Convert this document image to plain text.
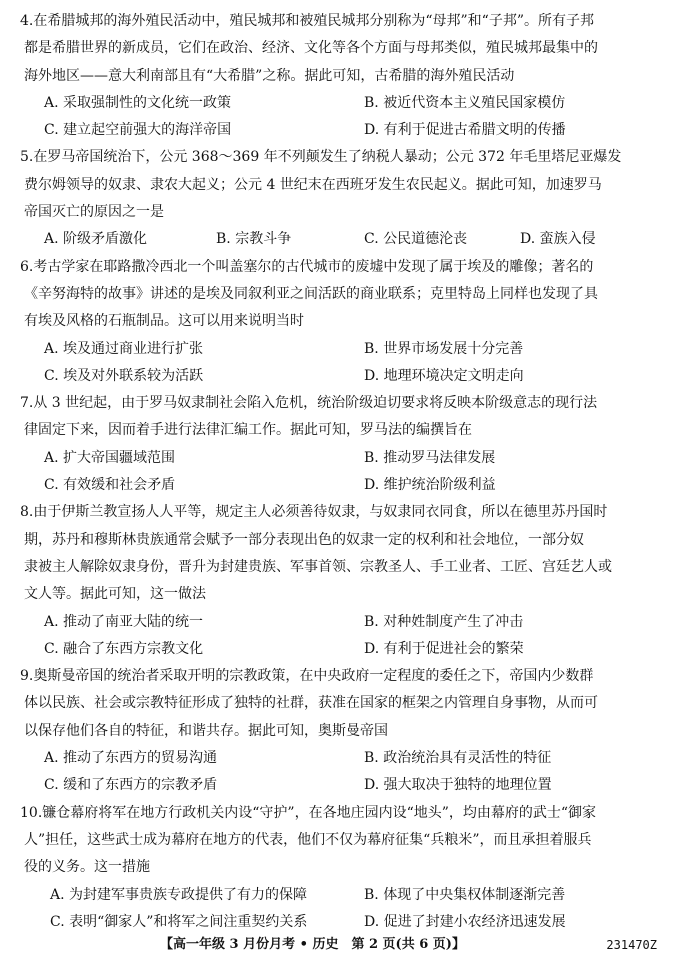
4.在希腊城邦的海外殖民活动中，殖民城邦和被殖民城邦分别称为“母邦”和“子邦”。所有子邦
都是希腊世界的新成员，它们在政治、经济、文化等各个方面与母邦类似，殖民城邦最集中的
海外地区——意大利南部且有“大希腊”之称。据此可知，古希腊的海外殖民活动
A. 采取强制性的文化统一政策	B. 被近代资本主义殖民国家模仿
C. 建立起空前强大的海洋帝国	D. 有利于促进古希腊文明的传播
5.在罗马帝国统治下，公元 368～369 年不列颠发生了纳税人暴动；公元 372 年毛里塔尼亚爆发
费尔姆领导的奴隶、隶农大起义；公元 4 世纪末在西班牙发生农民起义。据此可知，加速罗马
帝国灭亡的原因之一是
A. 阶级矛盾激化	B. 宗教斗争	C. 公民道德沦丧	D. 蛮族入侵
6.考古学家在耶路撒冷西北一个叫盖塞尔的古代城市的废墟中发现了属于埃及的雕像；著名的
《辛努海特的故事》讲述的是埃及同叙利亚之间活跃的商业联系；克里特岛上同样也发现了具
有埃及风格的石瓶制品。这可以用来说明当时
A. 埃及通过商业进行扩张	B. 世界市场发展十分完善
C. 埃及对外联系较为活跃	D. 地理环境决定文明走向
7.从 3 世纪起，由于罗马奴隶制社会陷入危机，统治阶级迫切要求将反映本阶级意志的现行法
律固定下来，因而着手进行法律汇编工作。据此可知，罗马法的编撰旨在
A. 扩大帝国疆域范围	B. 推动罗马法律发展
C. 有效缓和社会矛盾	D. 维护统治阶级利益
8.由于伊斯兰教宣扬人人平等，规定主人必须善待奴隶，与奴隶同衣同食，所以在德里苏丹国时
期，苏丹和穆斯林贵族通常会赋予一部分表现出色的奴隶一定的权利和社会地位，一部分奴
隶被主人解除奴隶身份，晋升为封建贵族、军事首领、宗教圣人、手工业者、工匠、宫廷艺人或
文人等。据此可知，这一做法
A. 推动了南亚大陆的统一	B. 对种姓制度产生了冲击
C. 融合了东西方宗教文化	D. 有利于促进社会的繁荣
9.奥斯曼帝国的统治者采取开明的宗教政策，在中央政府一定程度的委任之下，帝国内少数群
体以民族、社会或宗教特征形成了独特的社群，获准在国家的框架之内管理自身事物，从而可
以保存他们各自的特征，和谐共存。据此可知，奥斯曼帝国
A. 推动了东西方的贸易沟通	B. 政治统治具有灵活性的特征
C. 缓和了东西方的宗教矛盾	D. 强大取决于独特的地理位置
10.镰仓幕府将军在地方行政机关内设“守护”，在各地庄园内设“地头”，均由幕府的武士“御家
人”担任，这些武士成为幕府在地方的代表，他们不仅为幕府征集“兵粮米”，而且承担着服兵
役的义务。这一措施
A. 为封建军事贵族专政提供了有力的保障	B. 体现了中央集权体制逐渐完善
C. 表明“御家人”和将军之间注重契约关系	D. 促进了封建小农经济迅速发展
【高一年级 3 月份月考 • 历史　第 2 页(共 6 页)】	231470Z
